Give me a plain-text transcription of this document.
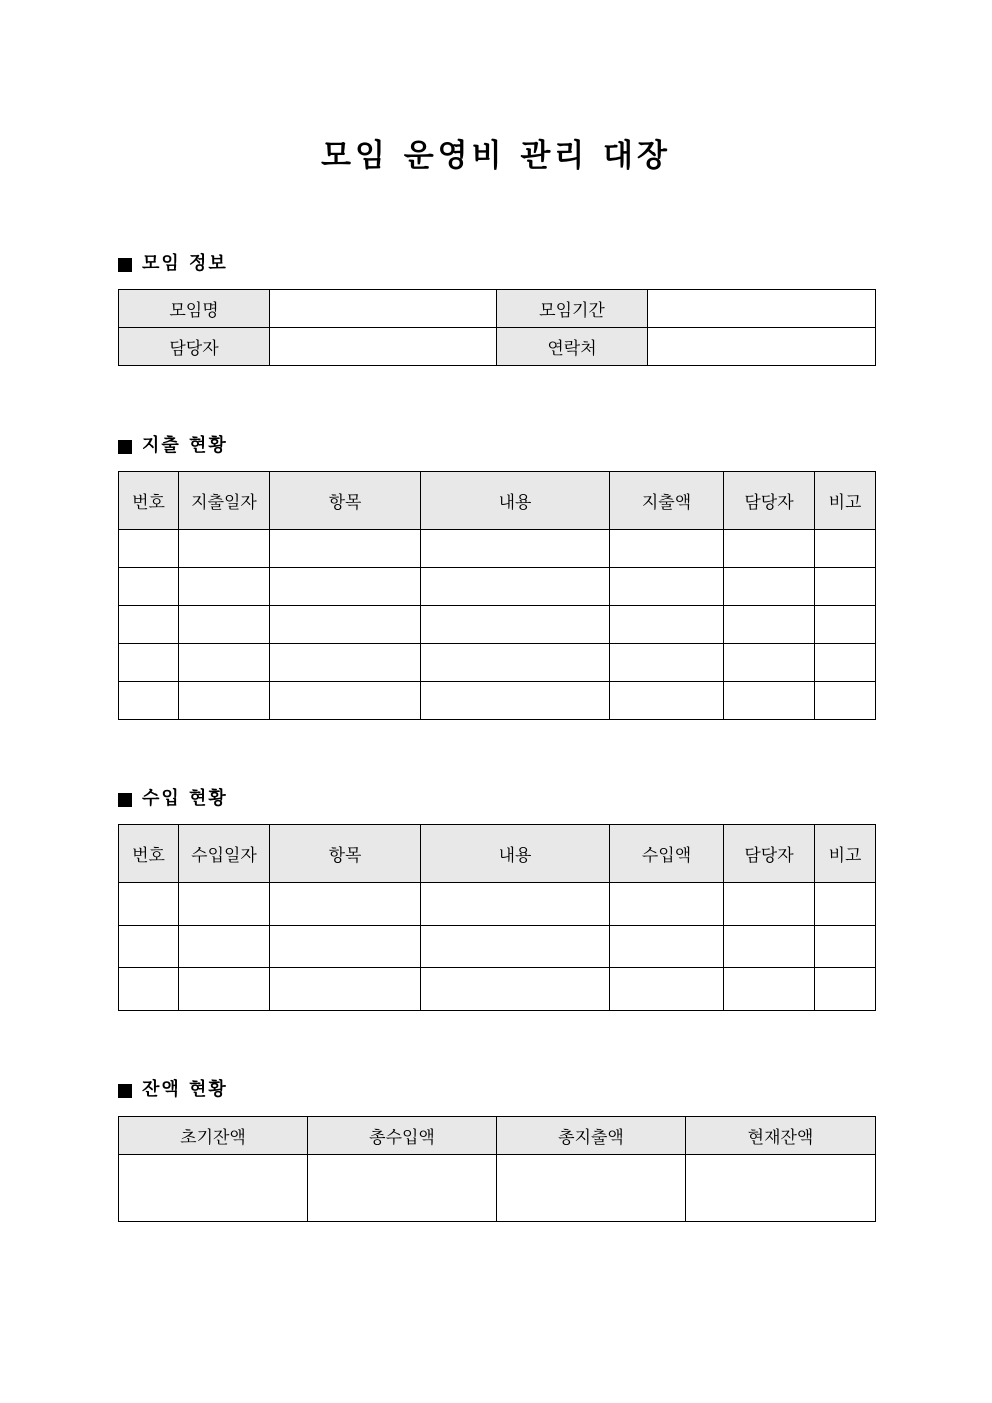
모임 운영비 관리 대장
모임 정보
모임명		모임기간	
담당자		연락처	
지출 현황
번호	지출일자	항목	내용	지출액	담당자	비고

수입 현황
번호	수입일자	항목	내용	수입액	담당자	비고

잔액 현황
초기잔액	총수입액	총지출액	현재잔액
